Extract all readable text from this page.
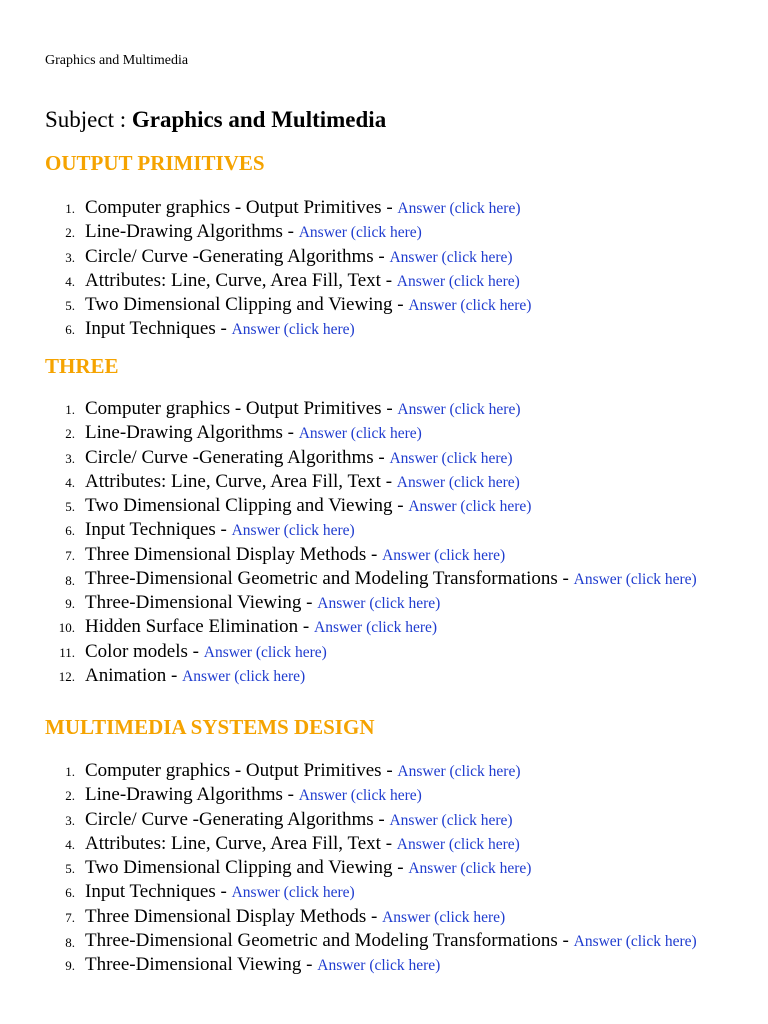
Graphics and Multimedia
Subject : Graphics and Multimedia
OUTPUT PRIMITIVES
1. Computer graphics - Output Primitives - Answer (click here)
2. Line-Drawing Algorithms - Answer (click here)
3. Circle/ Curve -Generating Algorithms - Answer (click here)
4. Attributes: Line, Curve, Area Fill, Text - Answer (click here)
5. Two Dimensional Clipping and Viewing - Answer (click here)
6. Input Techniques - Answer (click here)
THREE
1. Computer graphics - Output Primitives - Answer (click here)
2. Line-Drawing Algorithms - Answer (click here)
3. Circle/ Curve -Generating Algorithms - Answer (click here)
4. Attributes: Line, Curve, Area Fill, Text - Answer (click here)
5. Two Dimensional Clipping and Viewing - Answer (click here)
6. Input Techniques - Answer (click here)
7. Three Dimensional Display Methods - Answer (click here)
8. Three-Dimensional Geometric and Modeling Transformations - Answer (click here)
9. Three-Dimensional Viewing - Answer (click here)
10. Hidden Surface Elimination - Answer (click here)
11. Color models - Answer (click here)
12. Animation - Answer (click here)
MULTIMEDIA SYSTEMS DESIGN
1. Computer graphics - Output Primitives - Answer (click here)
2. Line-Drawing Algorithms - Answer (click here)
3. Circle/ Curve -Generating Algorithms - Answer (click here)
4. Attributes: Line, Curve, Area Fill, Text - Answer (click here)
5. Two Dimensional Clipping and Viewing - Answer (click here)
6. Input Techniques - Answer (click here)
7. Three Dimensional Display Methods - Answer (click here)
8. Three-Dimensional Geometric and Modeling Transformations - Answer (click here)
9. Three-Dimensional Viewing - Answer (click here)
